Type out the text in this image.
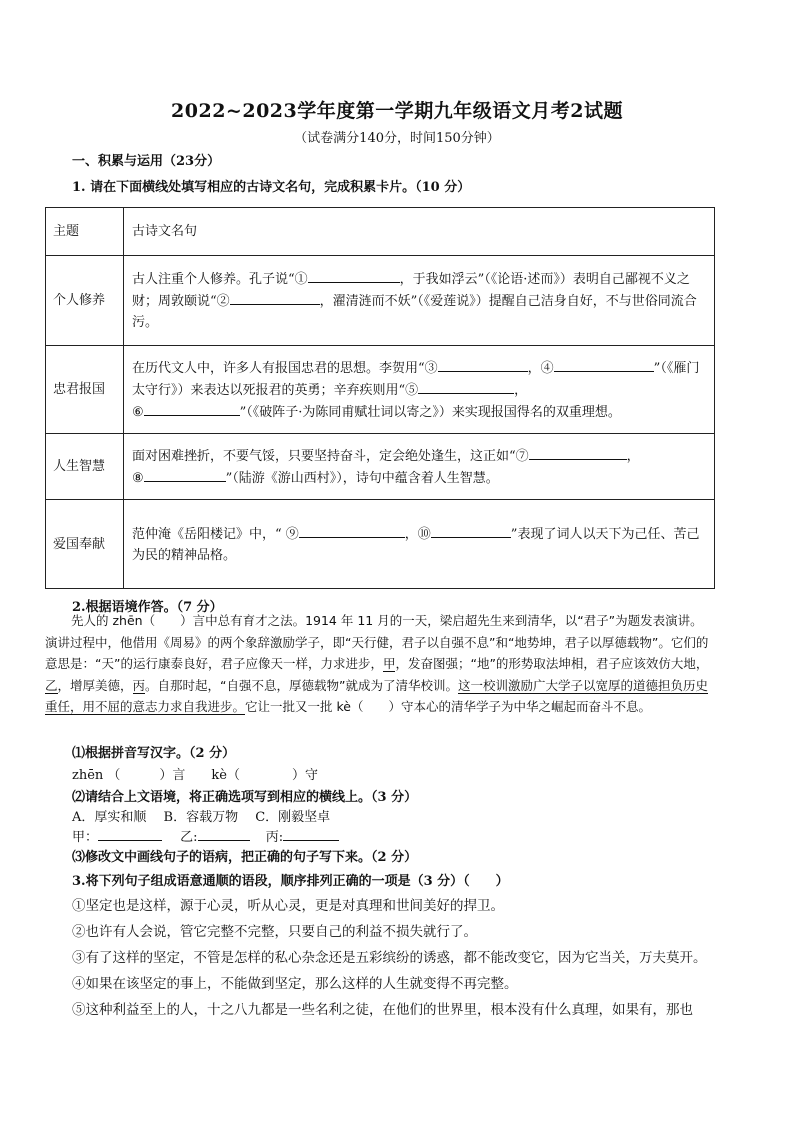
2022~2023学年度第一学期九年级语文月考2试题
（试卷满分140分，时间150分钟）
一、积累与运用（23分）
1. 请在下面横线处填写相应的古诗文名句，完成积累卡片。（10 分）
主题	古诗文名句
个人修养	古人注重个人修养。孔子说“① ，于我如浮云”（《论语·述而》）表明自己鄙视不义之财；周敦颐说“② ，濯清涟而不妖”（《爱莲说》）提醒自己洁身自好，不与世俗同流合污。
忠君报国	在历代文人中，许多人有报国忠君的思想。李贺用“③ ，④ ”（《雁门太守行》）来表达以死报君的英勇；辛弃疾则用“⑤ ，
⑥ ”（《破阵子·为陈同甫赋壮词以寄之》）来实现报国得名的双重理想。
人生智慧	面对困难挫折，不要气馁，只要坚持奋斗，定会绝处逢生，这正如“⑦ ，
⑧ ”（陆游《游山西村》），诗句中蕴含着人生智慧。
爱国奉献	范仲淹《岳阳楼记》中，“ ⑨ ，⑩ ”表现了词人以天下为己任、苦己为民的精神品格。
2.根据语境作答。（7 分）
先人的 zhēn（　　）言中总有育才之法。1914 年 11 月的一天，梁启超先生来到清华，以“君子”为题发表演讲。演讲过程中，他借用《周易》的两个象辞激励学子，即“天行健，君子以自强不息”和“地势坤，君子以厚德载物”。它们的意思是：“天”的运行康泰良好，君子应像天一样，力求进步，甲，发奋图强；“地”的形势取法坤相，君子应该效仿大地，乙，增厚美德，丙。自那时起，“自强不息，厚德载物”就成为了清华校训。这一校训激励广大学子以宽厚的道德担负历史重任，用不屈的意志力求自我进步。它让一批又一批 kè（　　）守本心的清华学子为中华之崛起而奋斗不息。
⑴根据拼音写汉字。（2 分）
zhēn （　　　）言　　kè（　　　　）守
⑵请结合上文语境，将正确选项写到相应的横线上。（3 分）
A．厚实和顺　 B．容载万物　 C．刚毅坚卓
甲：	乙:	丙:
⑶修改文中画线句子的语病，把正确的句子写下来。（2 分）
3.将下列句子组成语意通顺的语段，顺序排列正确的一项是（3 分）（　　）
①坚定也是这样，源于心灵，听从心灵，更是对真理和世间美好的捍卫。
②也许有人会说，管它完整不完整，只要自己的利益不损失就行了。
③有了这样的坚定，不管是怎样的私心杂念还是五彩缤纷的诱惑，都不能改变它，因为它当关，万夫莫开。
④如果在该坚定的事上，不能做到坚定，那么这样的人生就变得不再完整。
⑤这种利益至上的人，十之八九都是一些名利之徒，在他们的世界里，根本没有什么真理，如果有，那也
